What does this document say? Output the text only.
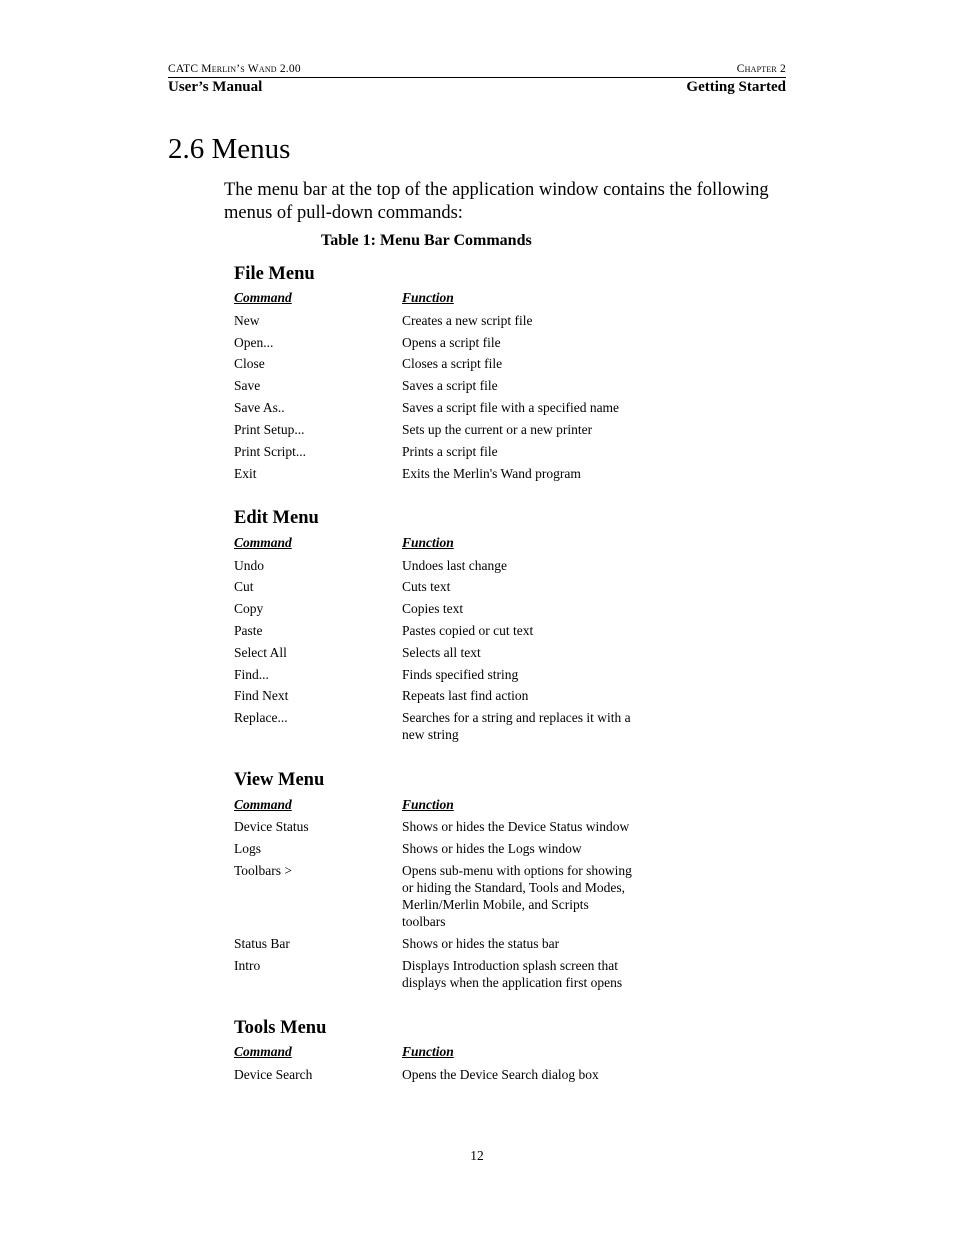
CATC Merlin’s Wand 2.00	Chapter 2
User’s Manual	Getting Started
2.6 Menus

The menu bar at the top of the application window contains the following menus of pull-down commands:

Table 1: Menu Bar Commands
File Menu
Command	Function
New	Creates a new script file
Open...	Opens a script file
Close	Closes a script file
Save	Saves a script file
Save As..	Saves a script file with a specified name
Print Setup...	Sets up the current or a new printer
Print Script...	Prints a script file
Exit	Exits the Merlin's Wand program
Edit Menu
Command	Function
Undo	Undoes last change
Cut	Cuts text
Copy	Copies text
Paste	Pastes copied or cut text
Select All	Selects all text
Find...	Finds specified string
Find Next	Repeats last find action
Replace...	Searches for a string and replaces it with a new string
View Menu
Command	Function
Device Status	Shows or hides the Device Status window
Logs	Shows or hides the Logs window
Toolbars >	Opens sub-menu with options for showing or hiding the Standard, Tools and Modes, Merlin/Merlin Mobile, and Scripts toolbars
Status Bar	Shows or hides the status bar
Intro	Displays Introduction splash screen that displays when the application first opens
Tools Menu
Command	Function
Device Search	Opens the Device Search dialog box
12
